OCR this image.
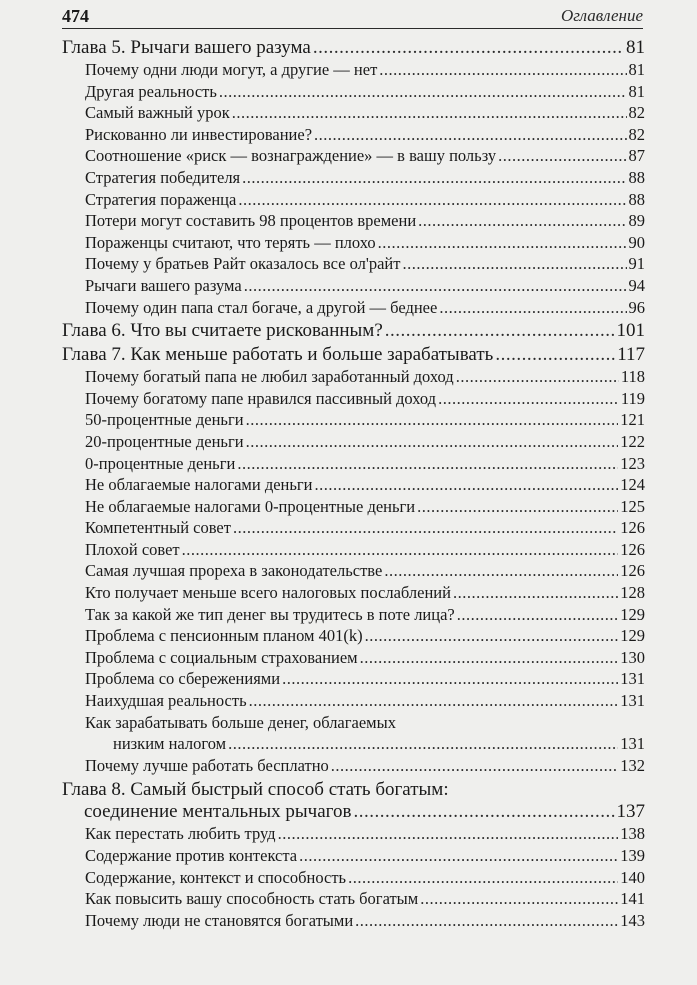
474	Оглавление
Глава 5. Рычаги вашего разума .....	81
Почему одни люди могут, а другие — нет .....	81
Другая реальность .....	81
Самый важный урок .....	82
Рискованно ли инвестирование? .....	82
Соотношение «риск — вознаграждение» — в вашу пользу .....	87
Стратегия победителя .....	88
Стратегия пораженца .....	88
Потери могут составить 98 процентов времени .....	89
Пораженцы считают, что терять — плохо .....	90
Почему у братьев Райт оказалось все ол'райт .....	91
Рычаги вашего разума .....	94
Почему один папа стал богаче, а другой — беднее .....	96
Глава 6. Что вы считаете рискованным? .....	101
Глава 7. Как меньше работать и больше зарабатывать .....	117
Почему богатый папа не любил заработанный доход .....	118
Почему богатому папе нравился пассивный доход .....	119
50-процентные деньги .....	121
20-процентные деньги .....	122
0-процентные деньги .....	123
Не облагаемые налогами деньги .....	124
Не облагаемые налогами 0-процентные деньги .....	125
Компетентный совет .....	126
Плохой совет .....	126
Самая лучшая прореха в законодательстве .....	126
Кто получает меньше всего налоговых послаблений .....	128
Так за какой же тип денег вы трудитесь в поте лица? .....	129
Проблема с пенсионным планом 401(k) .....	129
Проблема с социальным страхованием .....	130
Проблема со сбережениями .....	131
Наихудшая реальность .....	131
Как зарабатывать больше денег, облагаемых
низким налогом .....	131
Почему лучше работать бесплатно .....	132
Глава 8. Самый быстрый способ стать богатым:
соединение ментальных рычагов .....	137
Как перестать любить труд .....	138
Содержание против контекста .....	139
Содержание, контекст и способность .....	140
Как повысить вашу способность стать богатым .....	141
Почему люди не становятся богатыми .....	143
